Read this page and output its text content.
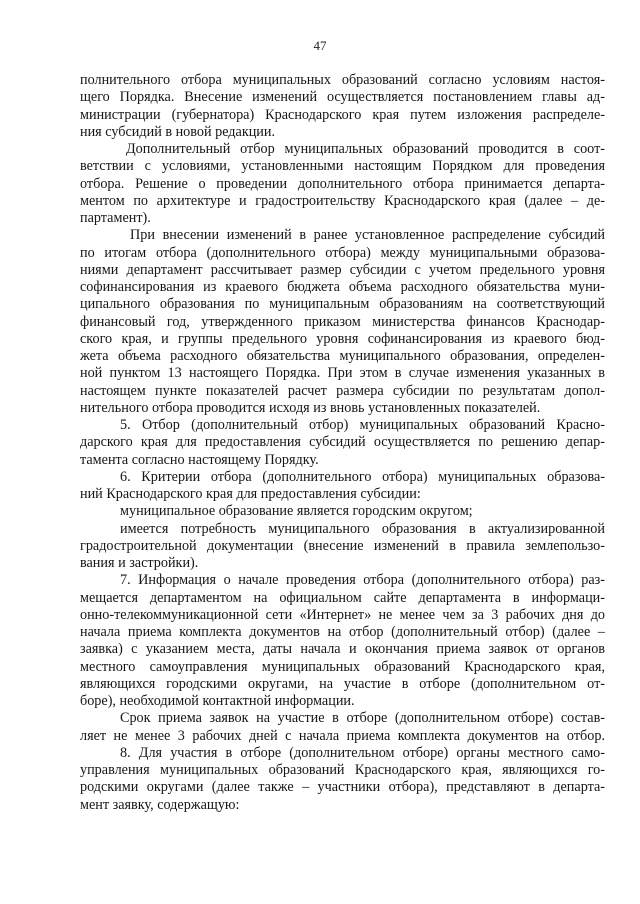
47
полнительного отбора муниципальных образований согласно условиям настоя-
щего Порядка. Внесение изменений осуществляется постановлением главы ад-
министрации (губернатора) Краснодарского края путем изложения распределе-
ния субсидий в новой редакции.
Дополнительный отбор муниципальных образований проводится в соот-
ветствии с условиями, установленными настоящим Порядком для проведения
отбора. Решение о проведении дополнительного отбора принимается департа-
ментом по архитектуре и градостроительству Краснодарского края (далее – де-
партамент).
При внесении изменений в ранее установленное распределение субсидий
по итогам отбора (дополнительного отбора) между муниципальными образова-
ниями департамент рассчитывает размер субсидии с учетом предельного уровня
софинансирования из краевого бюджета объема расходного обязательства муни-
ципального образования по муниципальным образованиям на соответствующий
финансовый год, утвержденного приказом министерства финансов Краснодар-
ского края, и группы предельного уровня софинансирования из краевого бюд-
жета объема расходного обязательства муниципального образования, определен-
ной пунктом 13 настоящего Порядка. При этом в случае изменения указанных в
настоящем пункте показателей расчет размера субсидии по результатам допол-
нительного отбора проводится исходя из вновь установленных показателей.
5. Отбор (дополнительный отбор) муниципальных образований Красно-
дарского края для предоставления субсидий осуществляется по решению депар-
тамента согласно настоящему Порядку.
6. Критерии отбора (дополнительного отбора) муниципальных образова-
ний Краснодарского края для предоставления субсидии:
муниципальное образование является городским округом;
имеется потребность муниципального образования в актуализированной
градостроительной документации (внесение изменений в правила землепользо-
вания и застройки).
7. Информация о начале проведения отбора (дополнительного отбора) раз-
мещается департаментом на официальном сайте департамента в информаци-
онно-телекоммуникационной сети «Интернет» не менее чем за 3 рабочих дня до
начала приема комплекта документов на отбор (дополнительный отбор) (далее –
заявка) с указанием места, даты начала и окончания приема заявок от органов
местного самоуправления муниципальных образований Краснодарского края,
являющихся городскими округами, на участие в отборе (дополнительном от-
боре), необходимой контактной информации.
Срок приема заявок на участие в отборе (дополнительном отборе) состав-
ляет не менее 3 рабочих дней с начала приема комплекта документов на отбор.
8. Для участия в отборе (дополнительном отборе) органы местного само-
управления муниципальных образований Краснодарского края, являющихся го-
родскими округами (далее также – участники отбора), представляют в департа-
мент заявку, содержащую:
